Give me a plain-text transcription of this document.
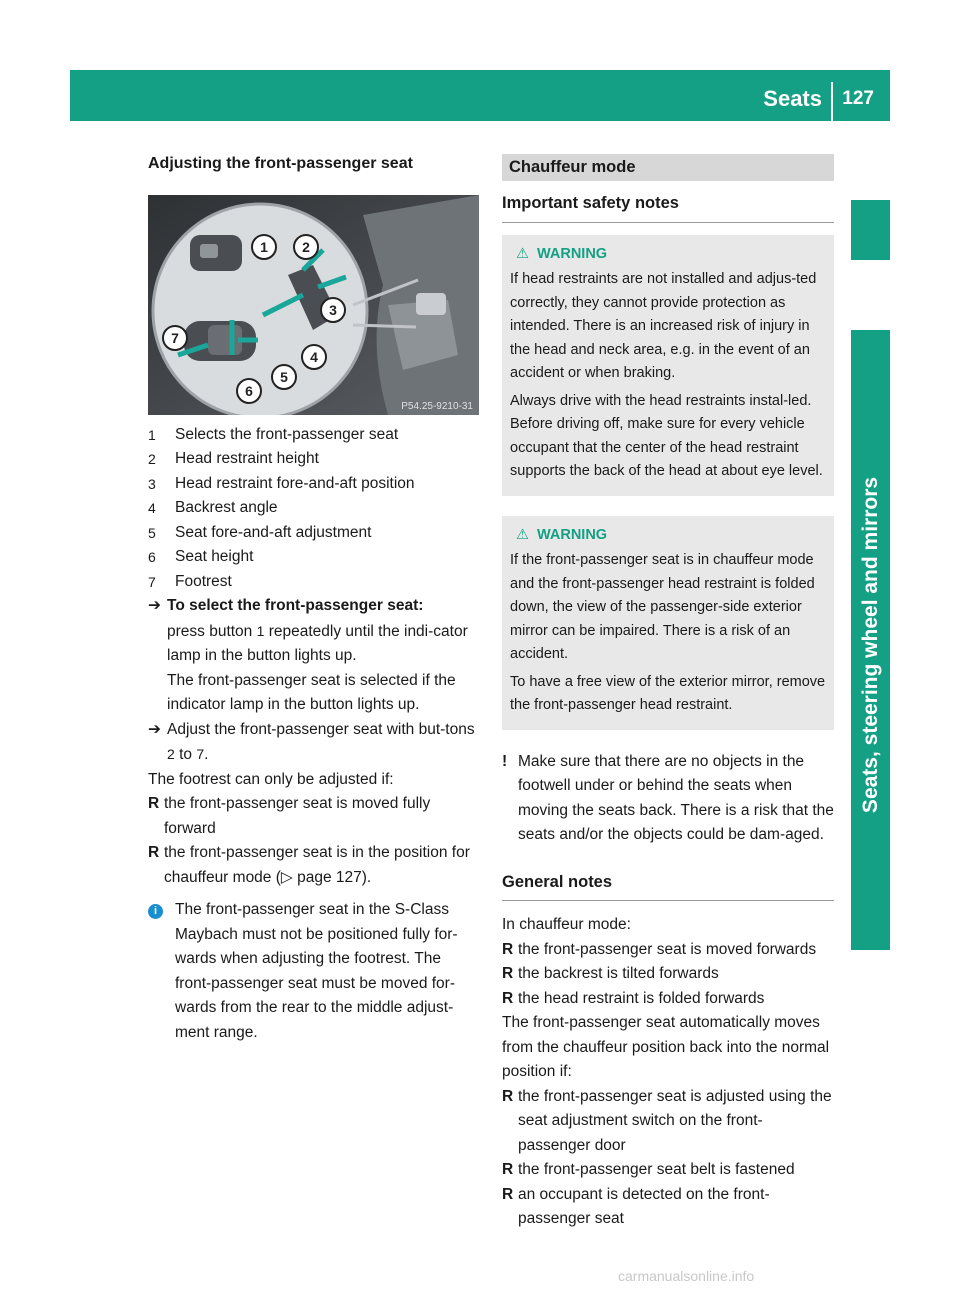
Seats 127
Seats, steering wheel and mirrors
Adjusting the front-passenger seat
1 2
3
4
5
6
7
P54.25-9210-31
1	Selects the front-passenger seat
2	Head restraint height
3	Head restraint fore-and-aft position
4	Backrest angle
5	Seat fore-and-aft adjustment
6	Seat height
7	Footrest
➔ To select the front-passenger seat:
press button 1 repeatedly until the indi-cator lamp in the button lights up.
The front-passenger seat is selected if the indicator lamp in the button lights up.
➔ Adjust the front-passenger seat with but-tons 2 to 7.
The footrest can only be adjusted if:
R the front-passenger seat is moved fully forward
R the front-passenger seat is in the position for chauffeur mode (▷ page 127).
i	The front-passenger seat in the S-Class Maybach must not be positioned fully for-wards when adjusting the footrest. The front-passenger seat must be moved for-wards from the rear to the middle adjust-ment range.
Chauffeur mode
Important safety notes
⚠ WARNING

If head restraints are not installed and adjus-ted correctly, they cannot provide protection as intended. There is an increased risk of injury in the head and neck area, e.g. in the event of an accident or when braking.

Always drive with the head restraints instal-led. Before driving off, make sure for every vehicle occupant that the center of the head restraint supports the back of the head at about eye level.

⚠ WARNING

If the front-passenger seat is in chauffeur mode and the front-passenger head restraint is folded down, the view of the passenger-side exterior mirror can be impaired. There is a risk of an accident.

To have a free view of the exterior mirror, remove the front-passenger head restraint.

! Make sure that there are no objects in the footwell under or behind the seats when moving the seats back. There is a risk that the seats and/or the objects could be dam-aged.
General notes
In chauffeur mode:
R the front-passenger seat is moved forwards
R the backrest is tilted forwards
R the head restraint is folded forwards
The front-passenger seat automatically moves from the chauffeur position back into the normal position if:
R the front-passenger seat is adjusted using the seat adjustment switch on the front-passenger door
R the front-passenger seat belt is fastened
R an occupant is detected on the front-passenger seat
carmanualsonline.info
